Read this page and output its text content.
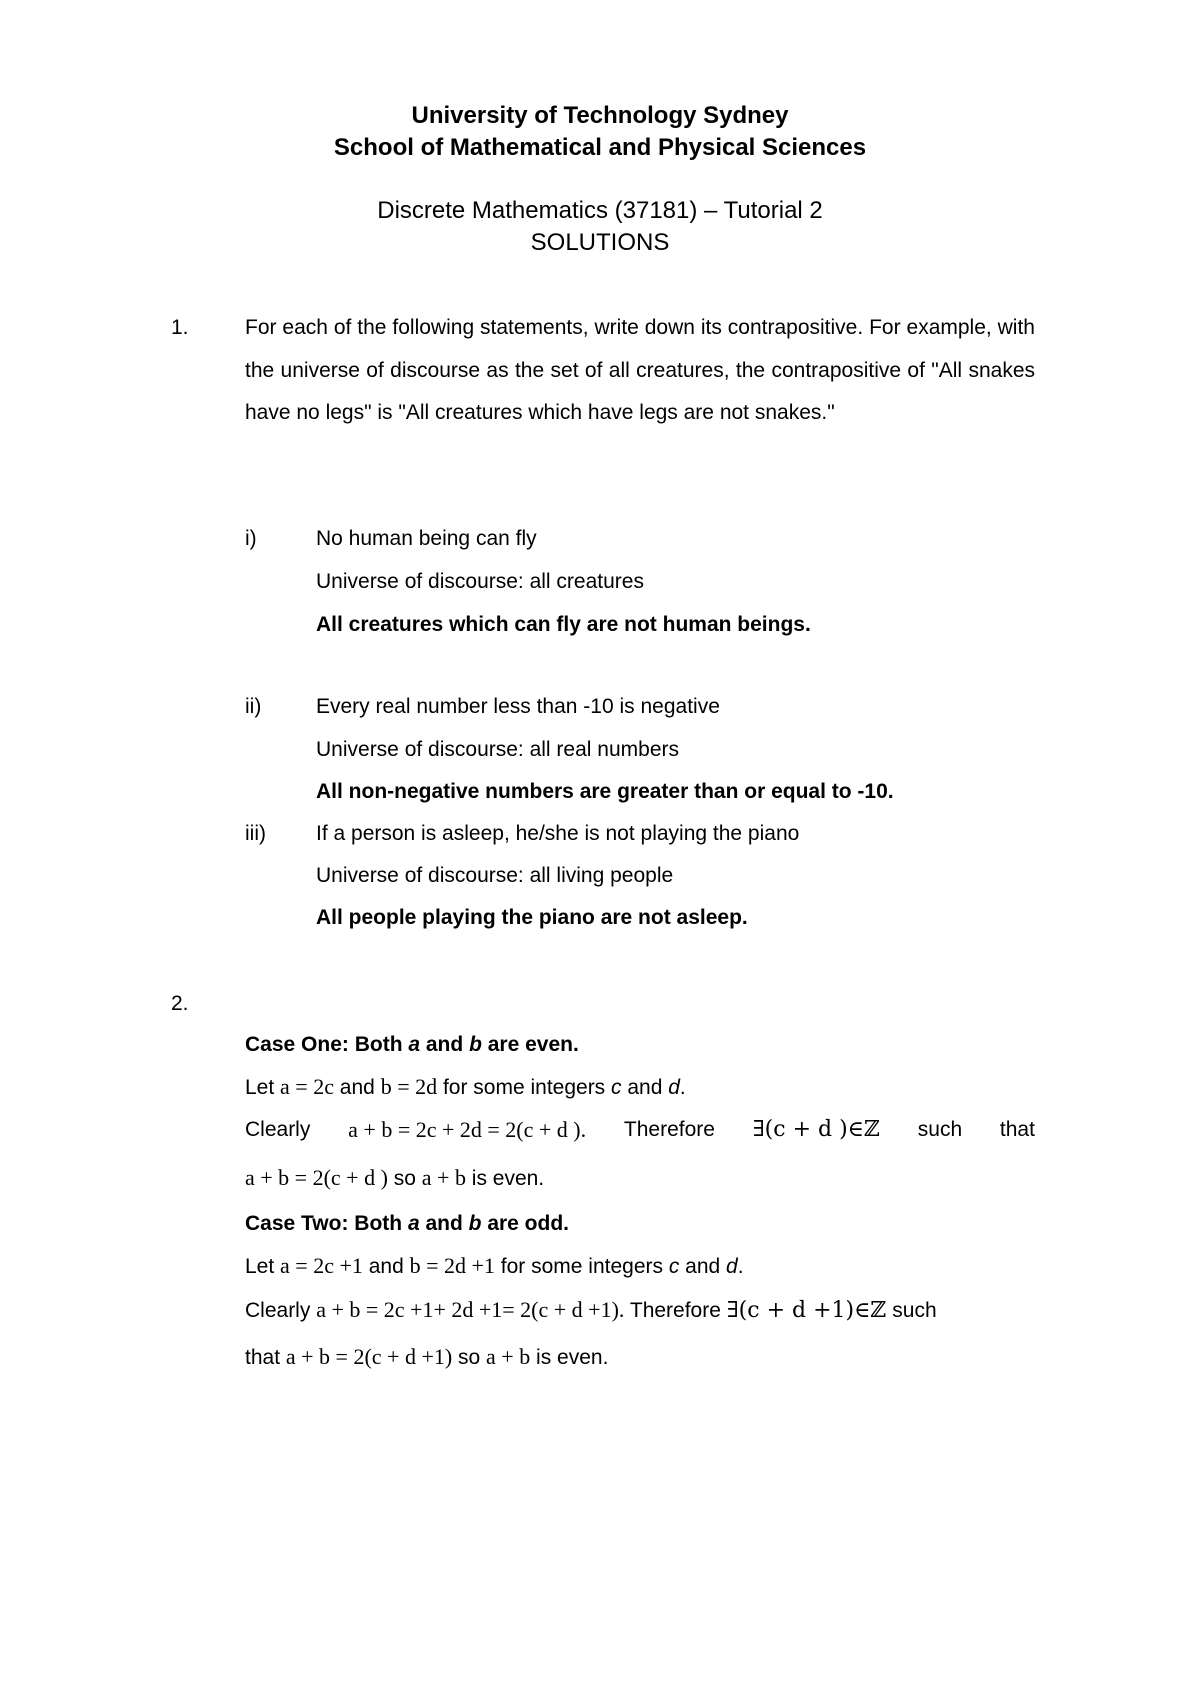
University of Technology Sydney
School of Mathematical and Physical Sciences
Discrete Mathematics (37181) – Tutorial 2
SOLUTIONS
1.	For each of the following statements, write down its contrapositive. For example, with the universe of discourse as the set of all creatures, the contrapositive of "All snakes have no legs" is "All creatures which have legs are not snakes."
i)	No human being can fly
Universe of discourse: all creatures
All creatures which can fly are not human beings.
ii)	Every real number less than -10 is negative
Universe of discourse: all real numbers
All non-negative numbers are greater than or equal to -10.
iii) If a person is asleep, he/she is not playing the piano
Universe of discourse: all living people
All people playing the piano are not asleep.
2.
Case One: Both a and b are even.
Let a = 2c and b = 2d for some integers c and d.
Clearly a + b = 2c + 2d = 2(c + d ). Therefore ∃(c + d )∈ℤ such that
a + b = 2(c + d ) so a + b is even.
Case Two: Both a and b are odd.
Let a = 2c +1 and b = 2d +1 for some integers c and d.
Clearly a + b = 2c +1+ 2d +1= 2(c + d +1). Therefore ∃(c + d +1)∈ℤ such
that a + b = 2(c + d +1) so a + b is even.
